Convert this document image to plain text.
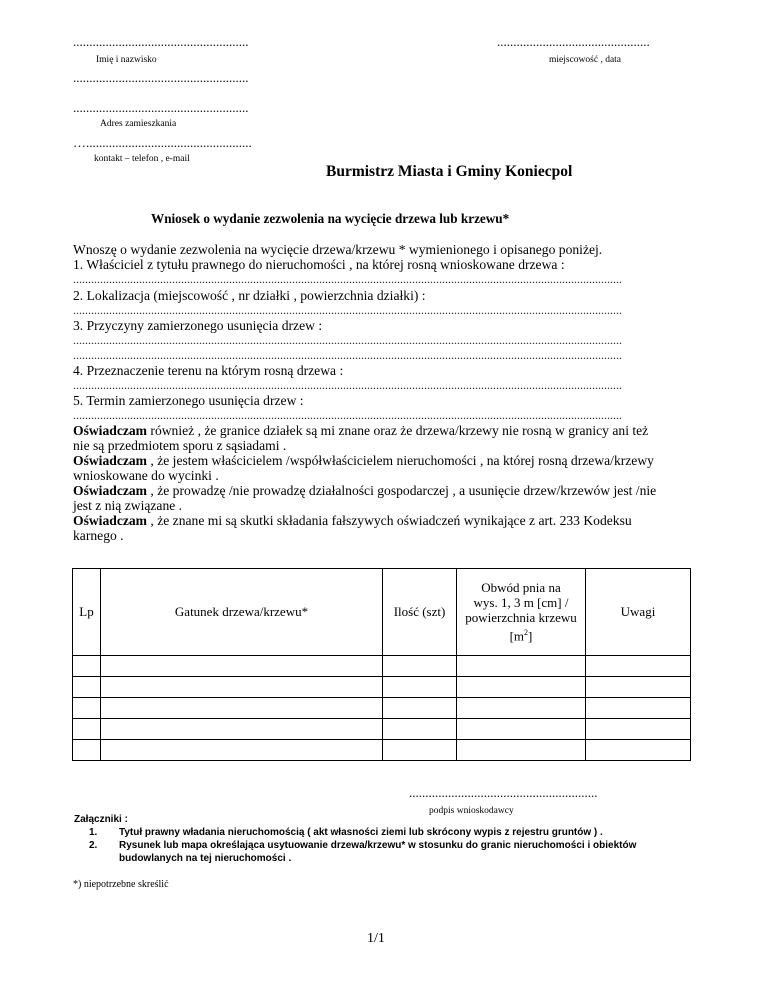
......................................................
Imię i nazwisko
...............................................
miejscowość , data
......................................................
......................................................
Adres zamieszkania
…...................................................
kontakt – telefon , e-mail
Burmistrz Miasta i Gminy Koniecpol
Wniosek o wydanie zezwolenia na wycięcie drzewa lub krzewu*
Wnoszę o wydanie zezwolenia na wycięcie drzewa/krzewu * wymienionego i opisanego poniżej.
1. Właściciel z tytułu prawnego do nieruchomości , na której rosną wnioskowane drzewa :
.......................................................................................................................................................................................
2. Lokalizacja (miejscowość , nr działki , powierzchnia działki) :
.......................................................................................................................................................................................
3. Przyczyny zamierzonego usunięcia drzew :
.......................................................................................................................................................................................
.......................................................................................................................................................................................
4. Przeznaczenie terenu na którym rosną drzewa :
.......................................................................................................................................................................................
5. Termin zamierzonego usunięcia drzew :
.......................................................................................................................................................................................
Oświadczam również , że granice działek są mi znane oraz że drzewa/krzewy nie rosną w granicy ani też
nie są przedmiotem sporu z sąsiadami .
Oświadczam , że jestem właścicielem /współwłaścicielem nieruchomości , na której rosną drzewa/krzewy
wnioskowane do wycinki .
Oświadczam , że prowadzę /nie prowadzę działalności gospodarczej , a usunięcie drzew/krzewów jest /nie
jest z nią związane .
Oświadczam , że znane mi są skutki składania fałszywych oświadczeń wynikające z art. 233 Kodeksu
karnego .
Lp	Gatunek drzewa/krzewu*	Ilość (szt)	Obwód pnia na
wys. 1, 3 m [cm] /
powierzchnia krzewu
$[m^2]$	Uwagi

..........................................................
podpis wnioskodawcy
Załączniki :
1. Tytuł prawny władania nieruchomością ( akt własności ziemi lub skrócony wypis z rejestru gruntów ) .
2. Rysunek lub mapa określająca usytuowanie drzewa/krzewu* w stosunku do granic nieruchomości i obiektów
budowlanych na tej nieruchomości .
*) niepotrzebne skreślić
1/1
